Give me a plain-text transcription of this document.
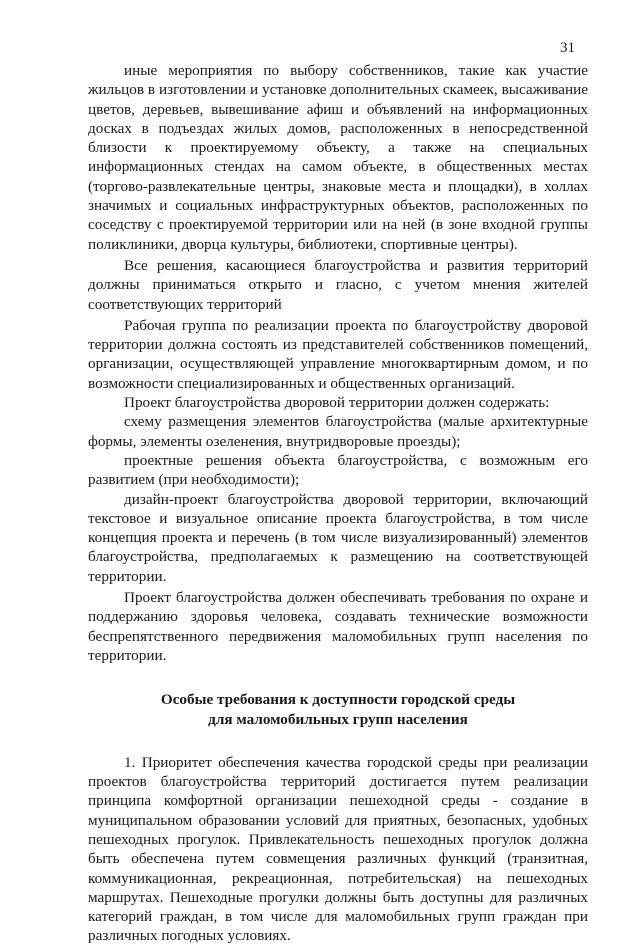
31

иные мероприятия по выбору собственников, такие как участие жильцов в изготовлении и установке дополнительных скамеек, высаживание цветов, деревьев, вывешивание афиш и объявлений на информационных досках в подъездах жилых домов, расположенных в непосредственной близости к проектируемому объекту, а также на специальных информационных стендах на самом объекте, в общественных местах (торгово-развлекательные центры, знаковые места и площадки), в холлах значимых и социальных инфраструктурных объектов, расположенных по соседству с проектируемой территории или на ней (в зоне входной группы поликлиники, дворца культуры, библиотеки, спортивные центры).

Все решения, касающиеся благоустройства и развития территорий должны приниматься открыто и гласно, с учетом мнения жителей соответствующих территорий

Рабочая группа по реализации проекта по благоустройству дворовой территории должна состоять из представителей собственников помещений, организации, осуществляющей управление многоквартирным домом, и по возможности специализированных и общественных организаций.

Проект благоустройства дворовой территории должен содержать:

схему размещения элементов благоустройства (малые архитектурные формы, элементы озеленения, внутридворовые проезды);

проектные решения объекта благоустройства, с возможным его развитием (при необходимости);

дизайн-проект благоустройства дворовой территории, включающий текстовое и визуальное описание проекта благоустройства, в том числе концепция проекта и перечень (в том числе визуализированный) элементов благоустройства, предполагаемых к размещению на соответствующей территории.

Проект благоустройства должен обеспечивать требования по охране и поддержанию здоровья человека, создавать технические возможности беспрепятственного передвижения маломобильных групп населения по территории.

Особые требования к доступности городской среды
для маломобильных групп населения

1. Приоритет обеспечения качества городской среды при реализации проектов благоустройства территорий достигается путем реализации принципа комфортной организации пешеходной среды - создание в муниципальном образовании условий для приятных, безопасных, удобных пешеходных прогулок. Привлекательность пешеходных прогулок должна быть обеспечена путем совмещения различных функций (транзитная, коммуникационная, рекреационная, потребительская) на пешеходных маршрутах. Пешеходные прогулки должны быть доступны для различных категорий граждан, в том числе для маломобильных групп граждан при различных погодных условиях.
